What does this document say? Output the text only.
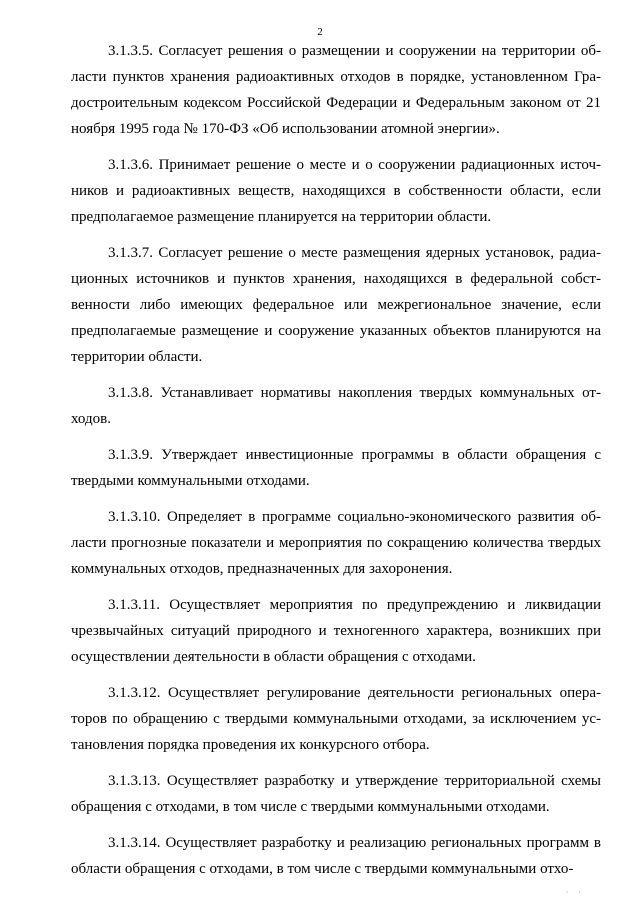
2

3.1.3.5. Согласует решения о размещении и сооружении на территории области пунктов хранения радиоактивных отходов в порядке, установленном Градостроительным кодексом Российской Федерации и Федеральным законом от 21 ноября 1995 года № 170-ФЗ «Об использовании атомной энергии».

3.1.3.6. Принимает решение о месте и о сооружении радиационных источников и радиоактивных веществ, находящихся в собственности области, если предполагаемое размещение планируется на территории области.

3.1.3.7. Согласует решение о месте размещения ядерных установок, радиационных источников и пунктов хранения, находящихся в федеральной собственности либо имеющих федеральное или межрегиональное значение, если предполагаемые размещение и сооружение указанных объектов планируются на территории области.

3.1.3.8. Устанавливает нормативы накопления твердых коммунальных отходов.

3.1.3.9. Утверждает инвестиционные программы в области обращения с твердыми коммунальными отходами.

3.1.3.10. Определяет в программе социально-экономического развития области прогнозные показатели и мероприятия по сокращению количества твердых коммунальных отходов, предназначенных для захоронения.

3.1.3.11. Осуществляет мероприятия по предупреждению и ликвидации чрезвычайных ситуаций природного и техногенного характера, возникших при осуществлении деятельности в области обращения с отходами.

3.1.3.12. Осуществляет регулирование деятельности региональных операторов по обращению с твердыми коммунальными отходами, за исключением установления порядка проведения их конкурсного отбора.

3.1.3.13. Осуществляет разработку и утверждение территориальной схемы обращения с отходами, в том числе с твердыми коммунальными отходами.

3.1.3.14. Осуществляет разработку и реализацию региональных программ в области обращения с отходами, в том числе с твердыми коммунальными отхо-

· ·
